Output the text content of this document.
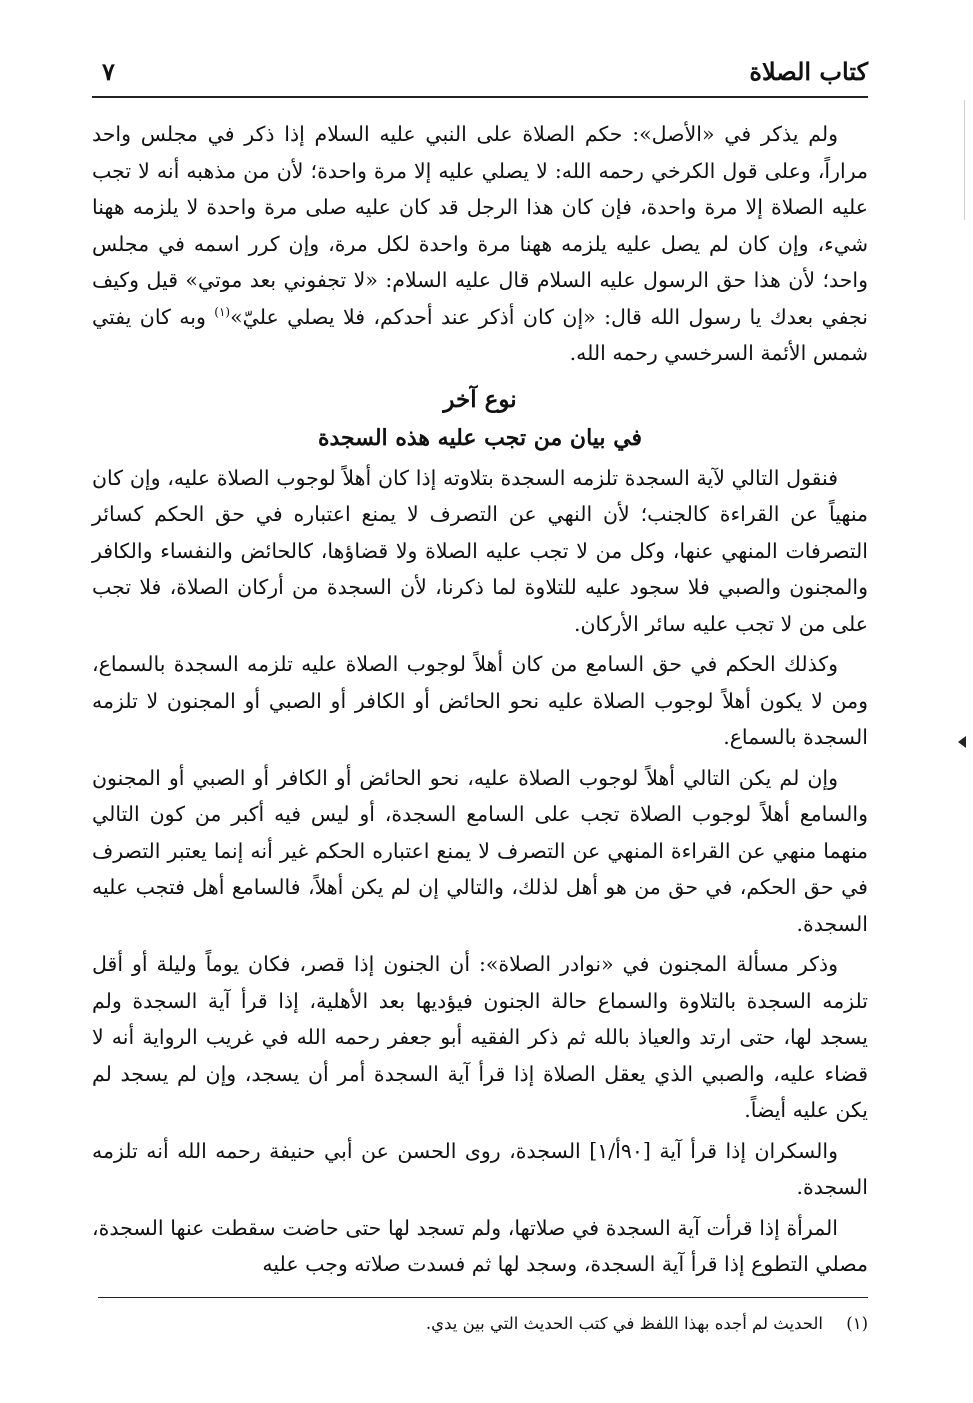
كتاب الصلاة
٧

ولم يذكر في «الأصل»: حكم الصلاة على النبي عليه السلام إذا ذكر في مجلس واحد مراراً، وعلى قول الكرخي رحمه الله: لا يصلي عليه إلا مرة واحدة؛ لأن من مذهبه أنه لا تجب عليه الصلاة إلا مرة واحدة، فإن كان هذا الرجل قد كان عليه صلى مرة واحدة لا يلزمه ههنا شيء، وإن كان لم يصل عليه يلزمه ههنا مرة واحدة لكل مرة، وإن كرر اسمه في مجلس واحد؛ لأن هذا حق الرسول عليه السلام قال عليه السلام: «لا تجفوني بعد موتي» قيل وكيف نجفي بعدك يا رسول الله قال: «إن كان أذكر عند أحدكم، فلا يصلي عليّ»$^{(١)}$ وبه كان يفتي شمس الأئمة السرخسي رحمه الله.

نوع آخر
في بيان من تجب عليه هذه السجدة

فنقول التالي لآية السجدة تلزمه السجدة بتلاوته إذا كان أهلاً لوجوب الصلاة عليه، وإن كان منهياً عن القراءة كالجنب؛ لأن النهي عن التصرف لا يمنع اعتباره في حق الحكم كسائر التصرفات المنهي عنها، وكل من لا تجب عليه الصلاة ولا قضاؤها، كالحائض والنفساء والكافر والمجنون والصبي فلا سجود عليه للتلاوة لما ذكرنا، لأن السجدة من أركان الصلاة، فلا تجب على من لا تجب عليه سائر الأركان.

وكذلك الحكم في حق السامع من كان أهلاً لوجوب الصلاة عليه تلزمه السجدة بالسماع، ومن لا يكون أهلاً لوجوب الصلاة عليه نحو الحائض أو الكافر أو الصبي أو المجنون لا تلزمه السجدة بالسماع.

وإن لم يكن التالي أهلاً لوجوب الصلاة عليه، نحو الحائض أو الكافر أو الصبي أو المجنون والسامع أهلاً لوجوب الصلاة تجب على السامع السجدة، أو ليس فيه أكبر من كون التالي منهما منهي عن القراءة المنهي عن التصرف لا يمنع اعتباره الحكم غير أنه إنما يعتبر التصرف في حق الحكم، في حق من هو أهل لذلك، والتالي إن لم يكن أهلاً، فالسامع أهل فتجب عليه السجدة.

وذكر مسألة المجنون في «نوادر الصلاة»: أن الجنون إذا قصر، فكان يوماً وليلة أو أقل تلزمه السجدة بالتلاوة والسماع حالة الجنون فيؤديها بعد الأهلية، إذا قرأ آية السجدة ولم يسجد لها، حتى ارتد والعياذ بالله ثم ذكر الفقيه أبو جعفر رحمه الله في غريب الرواية أنه لا قضاء عليه، والصبي الذي يعقل الصلاة إذا قرأ آية السجدة أمر أن يسجد، وإن لم يسجد لم يكن عليه أيضاً.

والسكران إذا قرأ آية [٩٠أ/١] السجدة، روى الحسن عن أبي حنيفة رحمه الله أنه تلزمه السجدة.

المرأة إذا قرأت آية السجدة في صلاتها، ولم تسجد لها حتى حاضت سقطت عنها السجدة، مصلي التطوع إذا قرأ آية السجدة، وسجد لها ثم فسدت صلاته وجب عليه

(١) الحديث لم أجده بهذا اللفظ في كتب الحديث التي بين يدي.
